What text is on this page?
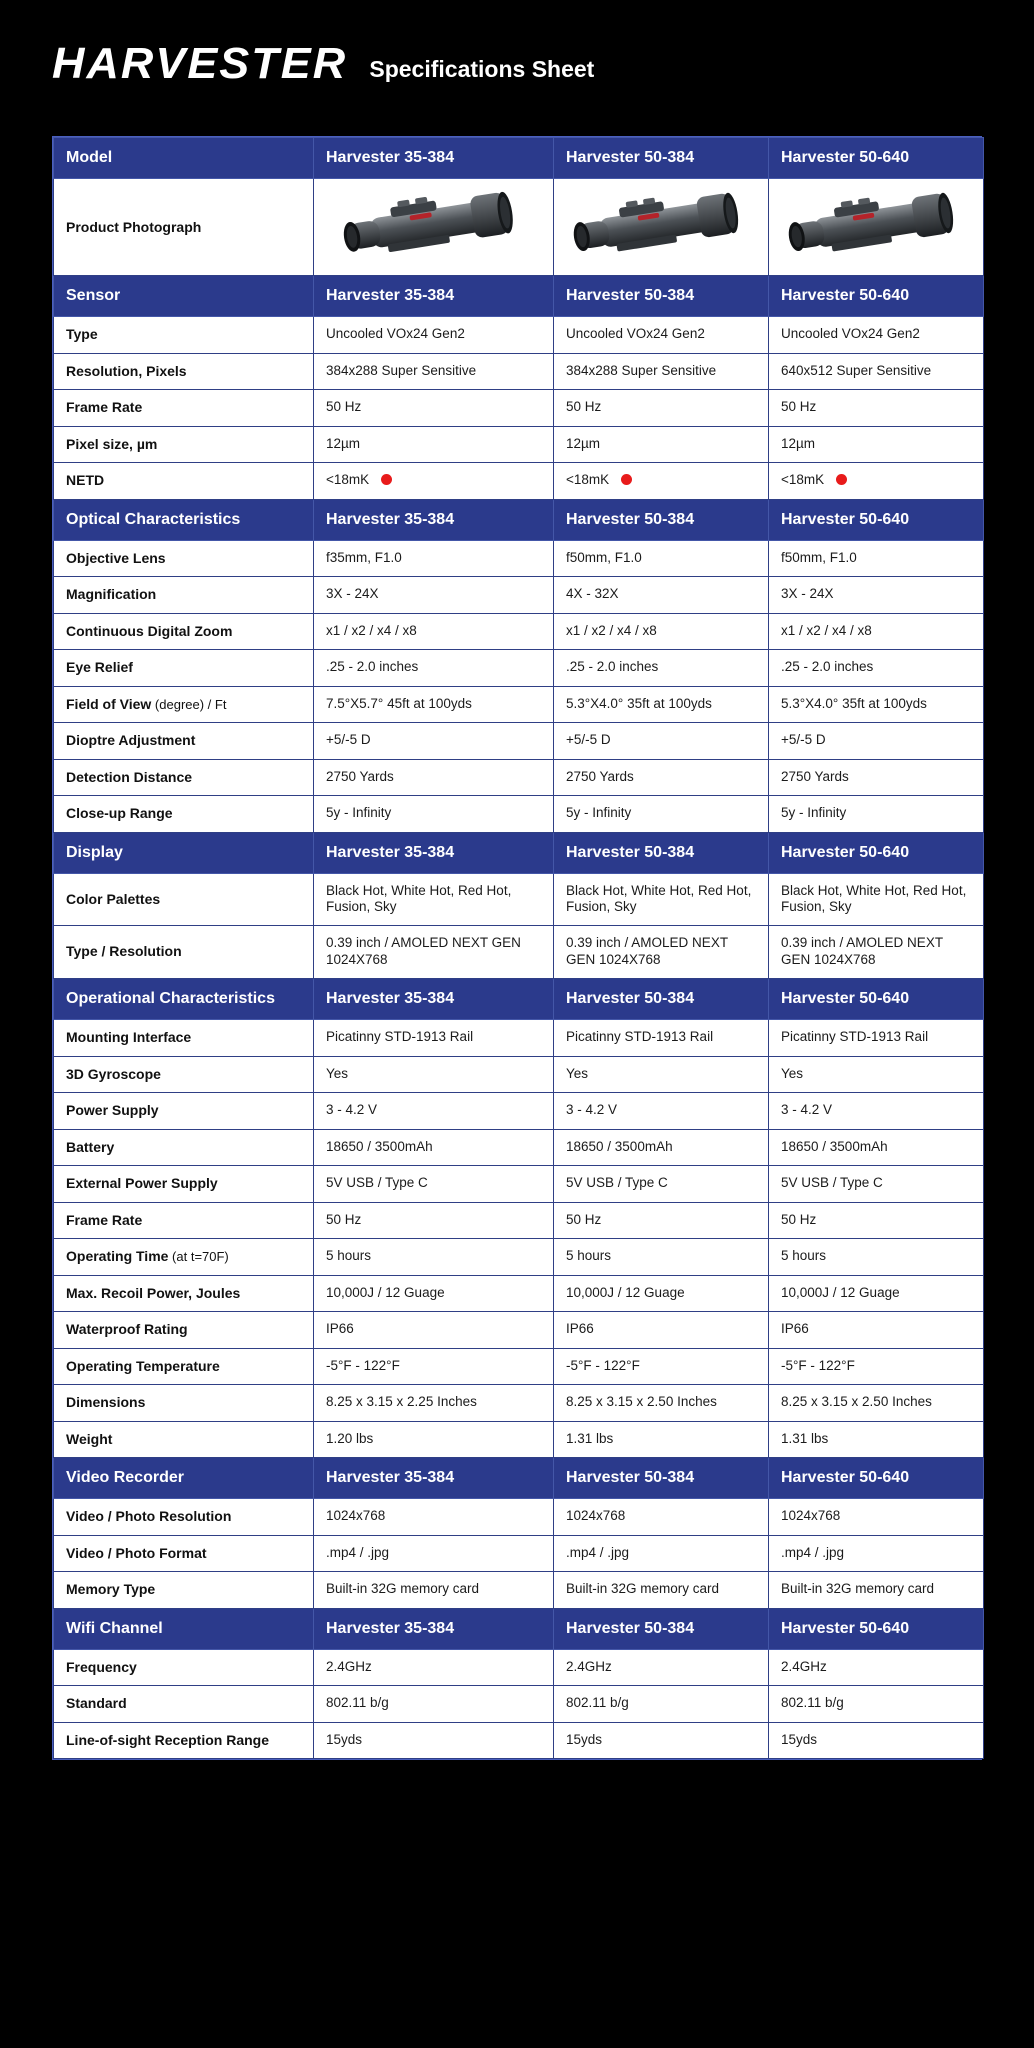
HARVESTER Specifications Sheet
Model	Harvester 35-384	Harvester 50-384	Harvester 50-640
Product Photograph	

Sensor	Harvester 35-384	Harvester 50-384	Harvester 50-640
Type	Uncooled VOx24 Gen2	Uncooled VOx24 Gen2	Uncooled VOx24 Gen2
Resolution, Pixels	384x288 Super Sensitive	384x288 Super Sensitive	640x512 Super Sensitive
Frame Rate	50 Hz	50 Hz	50 Hz
Pixel size, µm	12µm	12µm	12µm
NETD	<18mK	<18mK	<18mK
Optical Characteristics	Harvester 35-384	Harvester 50-384	Harvester 50-640
Objective Lens	f35mm, F1.0	f50mm, F1.0	f50mm, F1.0
Magnification	3X - 24X	4X - 32X	3X - 24X
Continuous Digital Zoom	x1 / x2 / x4 / x8	x1 / x2 / x4 / x8	x1 / x2 / x4 / x8
Eye Relief	.25 - 2.0 inches	.25 - 2.0 inches	.25 - 2.0 inches
Field of View (degree) / Ft	7.5°X5.7° 45ft at 100yds	5.3°X4.0° 35ft at 100yds	5.3°X4.0° 35ft at 100yds
Dioptre Adjustment	+5/-5 D	+5/-5 D	+5/-5 D
Detection Distance	2750 Yards	2750 Yards	2750 Yards
Close-up Range	5y - Infinity	5y - Infinity	5y - Infinity
Display	Harvester 35-384	Harvester 50-384	Harvester 50-640
Color Palettes	Black Hot, White Hot, Red Hot, Fusion, Sky	Black Hot, White Hot, Red Hot, Fusion, Sky	Black Hot, White Hot, Red Hot, Fusion, Sky
Type / Resolution	0.39 inch / AMOLED NEXT GEN 1024X768	0.39 inch / AMOLED NEXT GEN 1024X768	0.39 inch / AMOLED NEXT GEN 1024X768
Operational Characteristics	Harvester 35-384	Harvester 50-384	Harvester 50-640
Mounting Interface	Picatinny STD-1913 Rail	Picatinny STD-1913 Rail	Picatinny STD-1913 Rail
3D Gyroscope	Yes	Yes	Yes
Power Supply	3 - 4.2 V	3 - 4.2 V	3 - 4.2 V
Battery	18650 / 3500mAh	18650 / 3500mAh	18650 / 3500mAh
External Power Supply	5V USB / Type C	5V USB / Type C	5V USB / Type C
Frame Rate	50 Hz	50 Hz	50 Hz
Operating Time (at t=70F)	5 hours	5 hours	5 hours
Max. Recoil Power, Joules	10,000J / 12 Guage	10,000J / 12 Guage	10,000J / 12 Guage
Waterproof Rating	IP66	IP66	IP66
Operating Temperature	-5°F - 122°F	-5°F - 122°F	-5°F - 122°F
Dimensions	8.25 x 3.15 x 2.25 Inches	8.25 x 3.15 x 2.50 Inches	8.25 x 3.15 x 2.50 Inches
Weight	1.20 lbs	1.31 lbs	1.31 lbs
Video Recorder	Harvester 35-384	Harvester 50-384	Harvester 50-640
Video / Photo Resolution	1024x768	1024x768	1024x768
Video / Photo Format	.mp4 / .jpg	.mp4 / .jpg	.mp4 / .jpg
Memory Type	Built-in 32G memory card	Built-in 32G memory card	Built-in 32G memory card
Wifi Channel	Harvester 35-384	Harvester 50-384	Harvester 50-640
Frequency	2.4GHz	2.4GHz	2.4GHz
Standard	802.11 b/g	802.11 b/g	802.11 b/g
Line-of-sight Reception Range	15yds	15yds	15yds
